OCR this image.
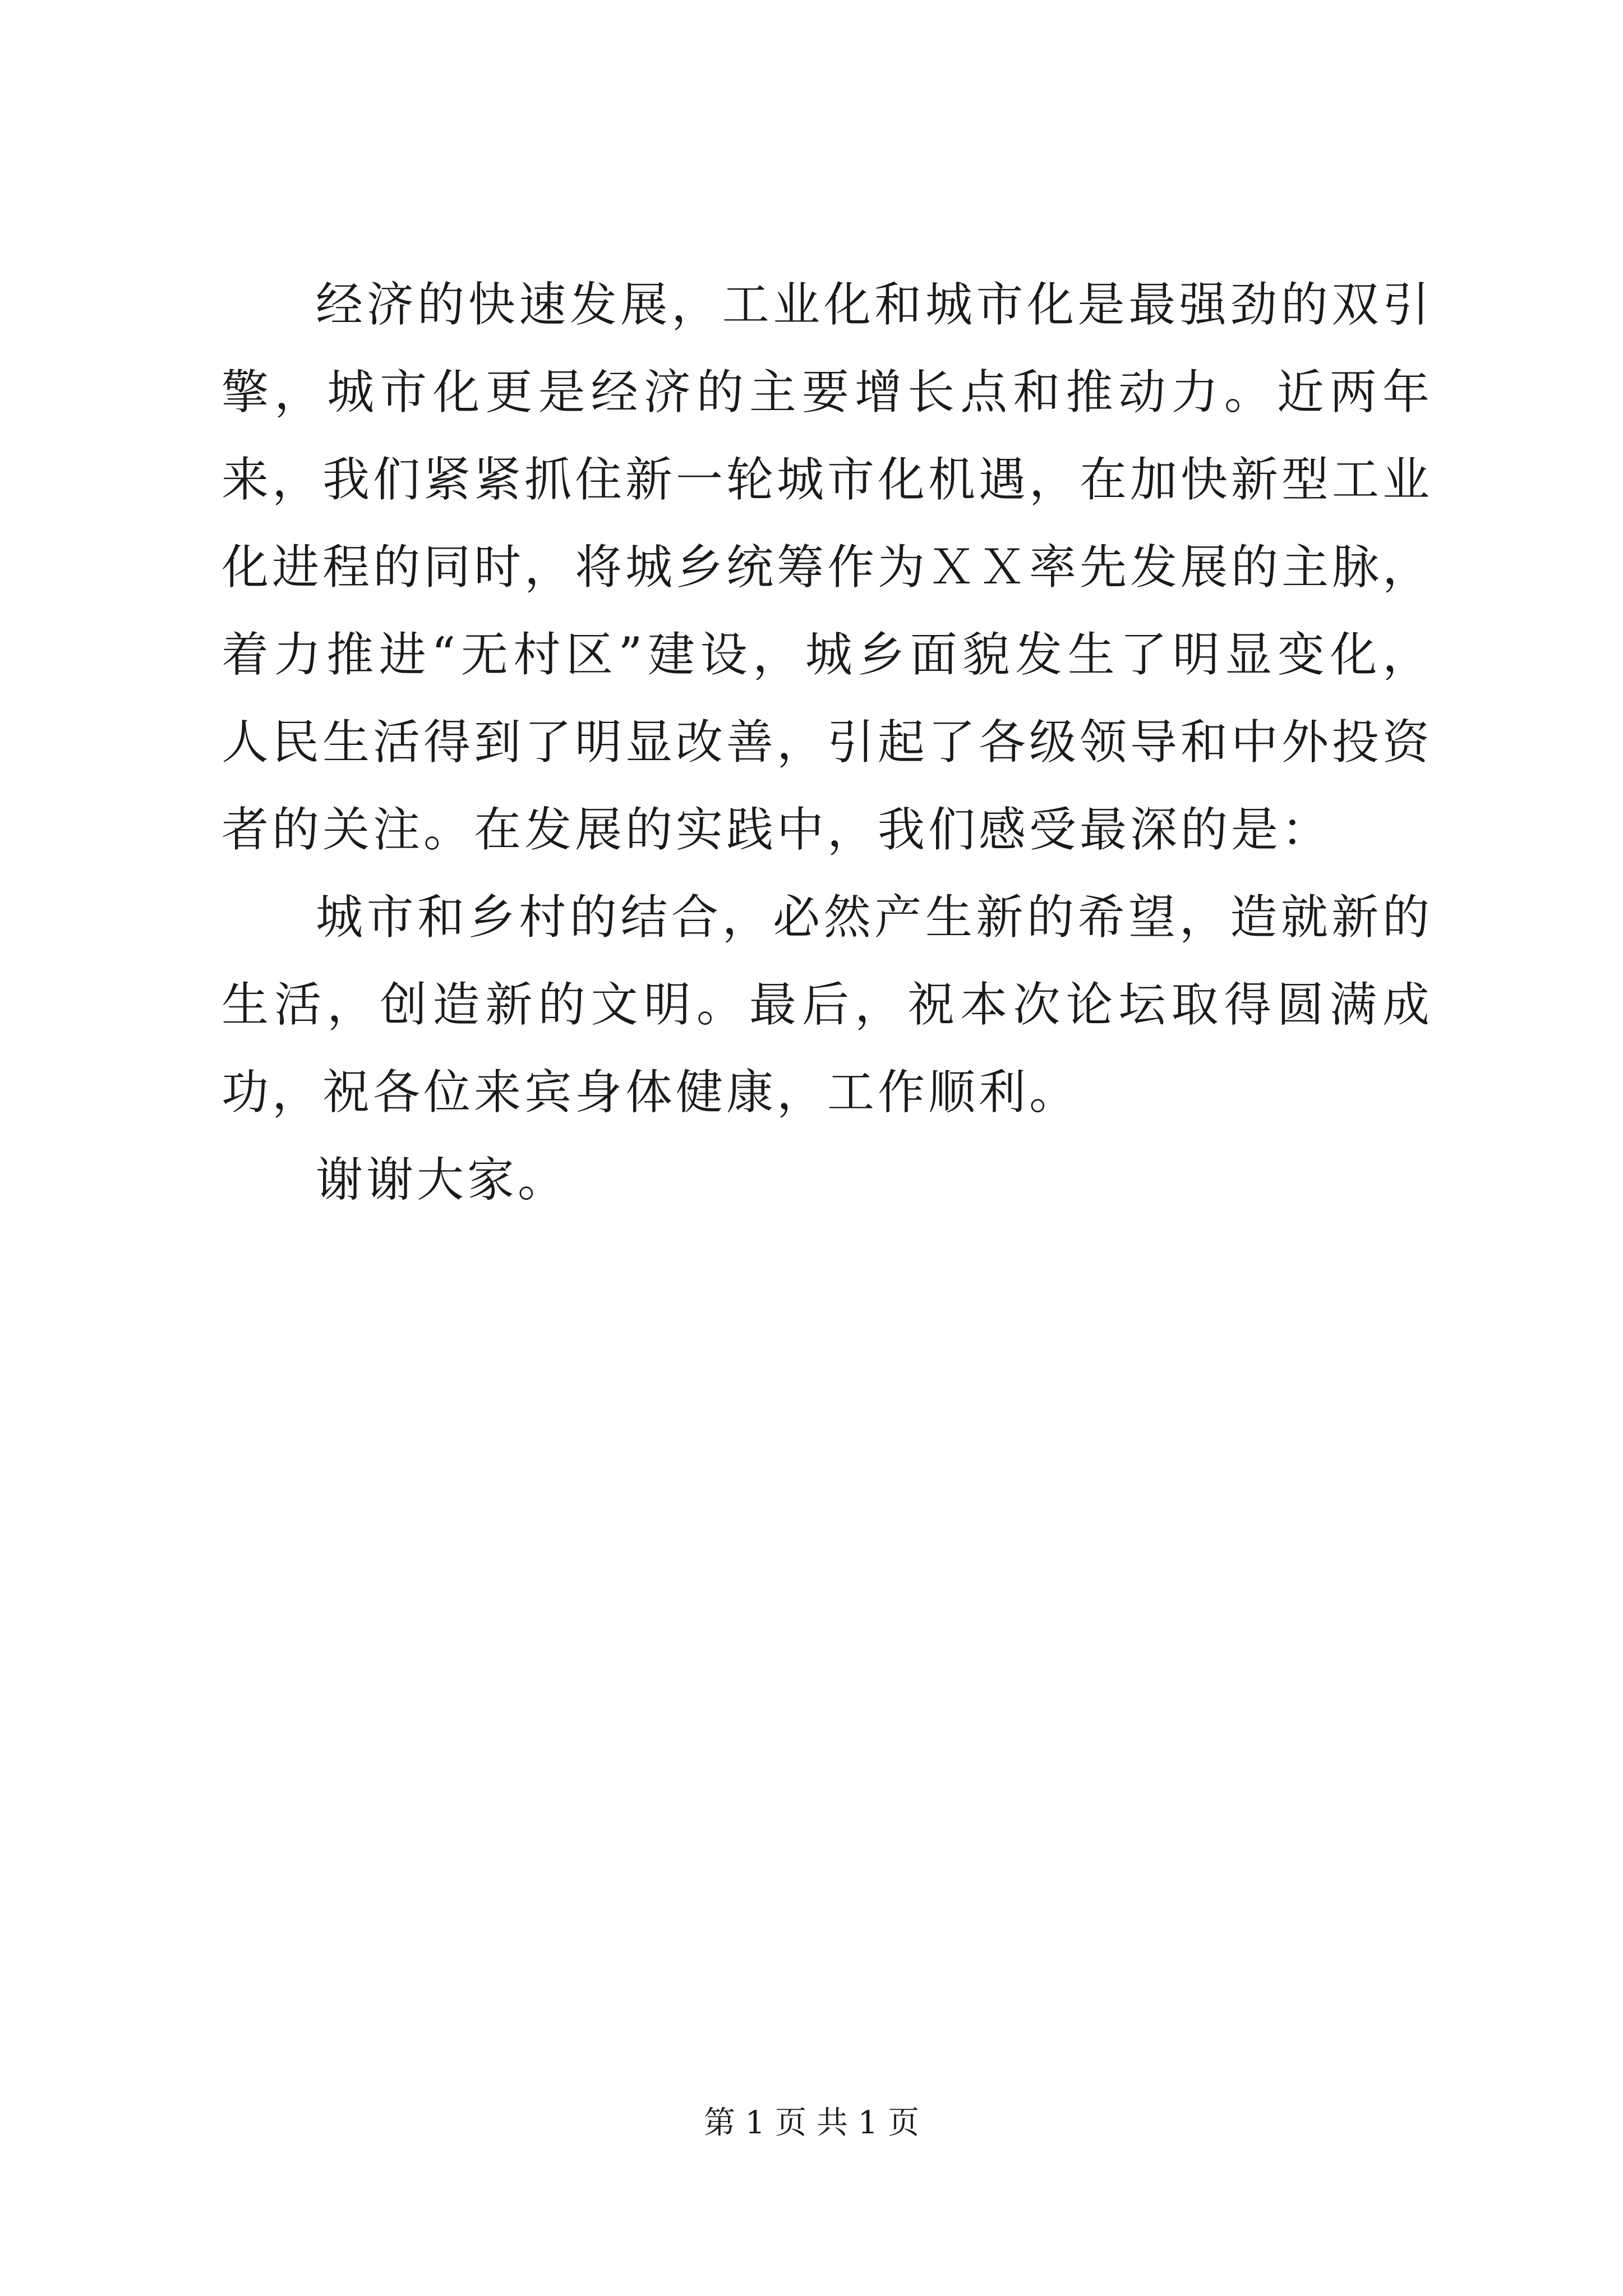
经济的快速发展，工业化和城市化是最强劲的双引擎，城市化更是经济的主要增长点和推动力。近两年来，我们紧紧抓住新一轮城市化机遇，在加快新型工业化进程的同时，将城乡统筹作为ＸＸ率先发展的主脉，着力推进“无村区”建设，城乡面貌发生了明显变化，人民生活得到了明显改善，引起了各级领导和中外投资者的关注。在发展的实践中，我们感受最深的是：

城市和乡村的结合，必然产生新的希望，造就新的生活，创造新的文明。最后，祝本次论坛取得圆满成功，祝各位来宾身体健康，工作顺利。

谢谢大家。

第 1 页 共 1 页
